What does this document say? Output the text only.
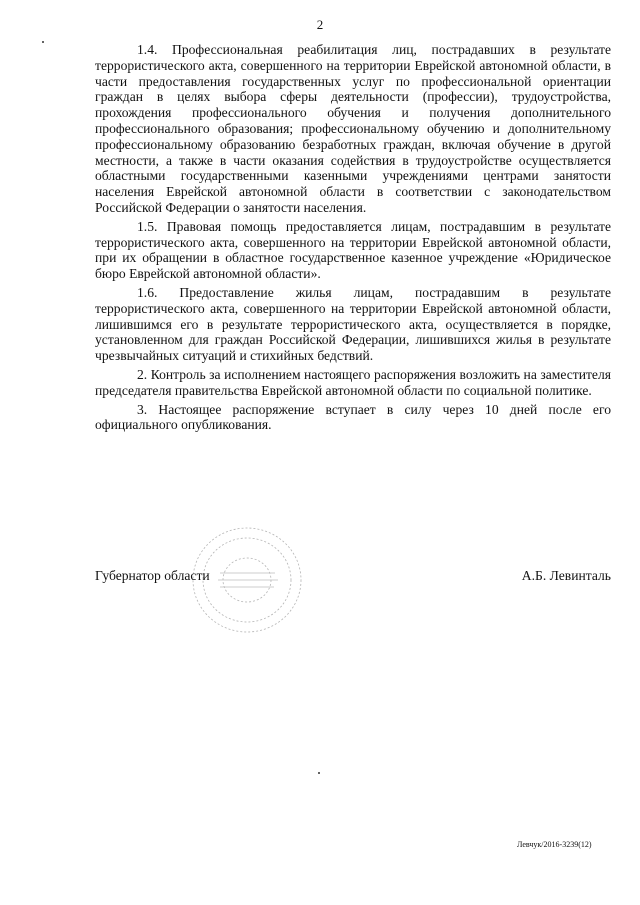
2

1.4. Профессиональная реабилитация лиц, пострадавших в результате террористического акта, совершенного на территории Еврейской автономной области, в части предоставления государственных услуг по профессиональной ориентации граждан в целях выбора сферы деятельности (профессии), трудоустройства, прохождения профессионального обучения и получения дополнительного профессионального образования; профессиональному обучению и дополнительному профессиональному образованию безработных граждан, включая обучение в другой местности, а также в части оказания содействия в трудоустройстве осуществляется областными государственными казенными учреждениями центрами занятости населения Еврейской автономной области в соответствии с законодательством Российской Федерации о занятости населения.

1.5. Правовая помощь предоставляется лицам, пострадавшим в результате террористического акта, совершенного на территории Еврейской автономной области, при их обращении в областное государственное казенное учреждение «Юридическое бюро Еврейской автономной области».

1.6. Предоставление жилья лицам, пострадавшим в результате террористического акта, совершенного на территории Еврейской автономной области, лишившимся его в результате террористического акта, осуществляется в порядке, установленном для граждан Российской Федерации, лишившихся жилья в результате чрезвычайных ситуаций и стихийных бедствий.

2. Контроль за исполнением настоящего распоряжения возложить на заместителя председателя правительства Еврейской автономной области по социальной политике.

3. Настоящее распоряжение вступает в силу через 10 дней после его официального опубликования.

Губернатор области	А.Б. Левинталь
Левчук/2016-3239(12)
